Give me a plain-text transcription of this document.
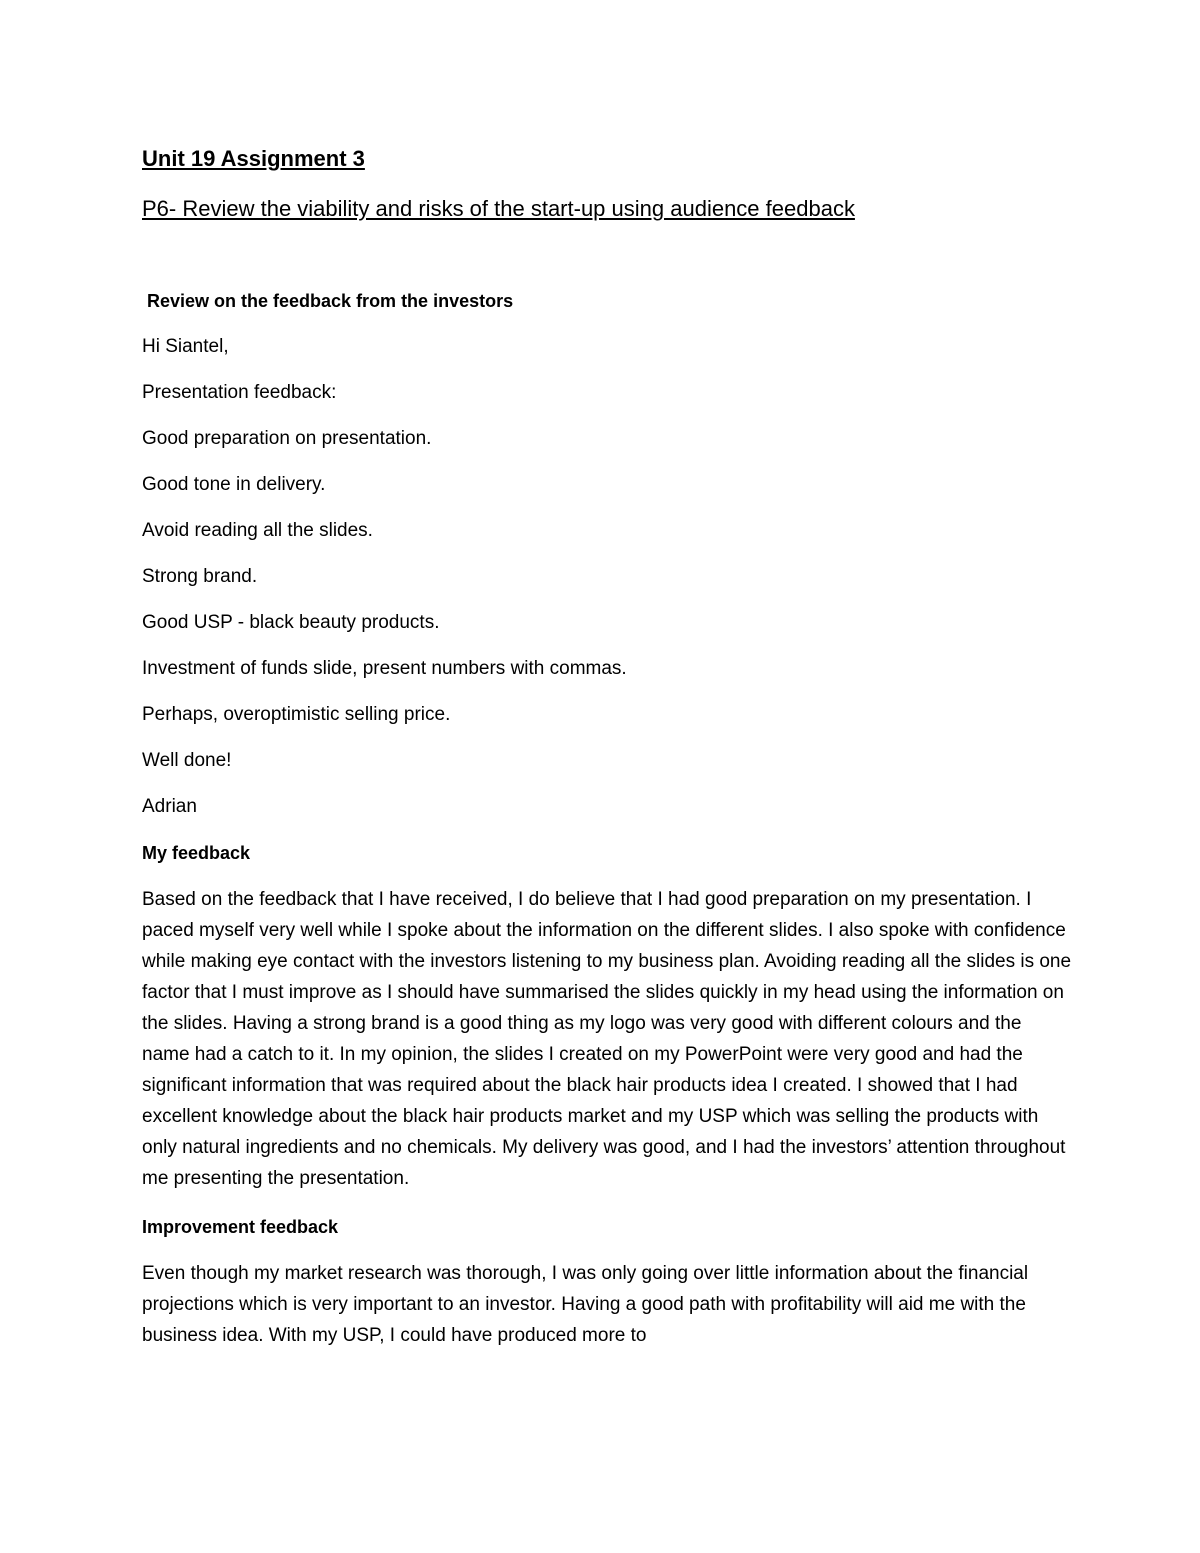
Unit 19 Assignment 3

P6- Review the viability and risks of the start-up using audience feedback

Review on the feedback from the investors

Hi Siantel,

Presentation feedback:

Good preparation on presentation.

Good tone in delivery.

Avoid reading all the slides.

Strong brand.

Good USP - black beauty products.

Investment of funds slide, present numbers with commas.

Perhaps, overoptimistic selling price.

Well done!

Adrian

My feedback

Based on the feedback that I have received, I do believe that I had good preparation on my presentation. I paced myself very well while I spoke about the information on the different slides. I also spoke with confidence while making eye contact with the investors listening to my business plan. Avoiding reading all the slides is one factor that I must improve as I should have summarised the slides quickly in my head using the information on the slides. Having a strong brand is a good thing as my logo was very good with different colours and the name had a catch to it. In my opinion, the slides I created on my PowerPoint were very good and had the significant information that was required about the black hair products idea I created. I showed that I had excellent knowledge about the black hair products market and my USP which was selling the products with only natural ingredients and no chemicals. My delivery was good, and I had the investors’ attention throughout me presenting the presentation.

Improvement feedback

Even though my market research was thorough, I was only going over little information about the financial projections which is very important to an investor. Having a good path with profitability will aid me with the business idea. With my USP, I could have produced more to
